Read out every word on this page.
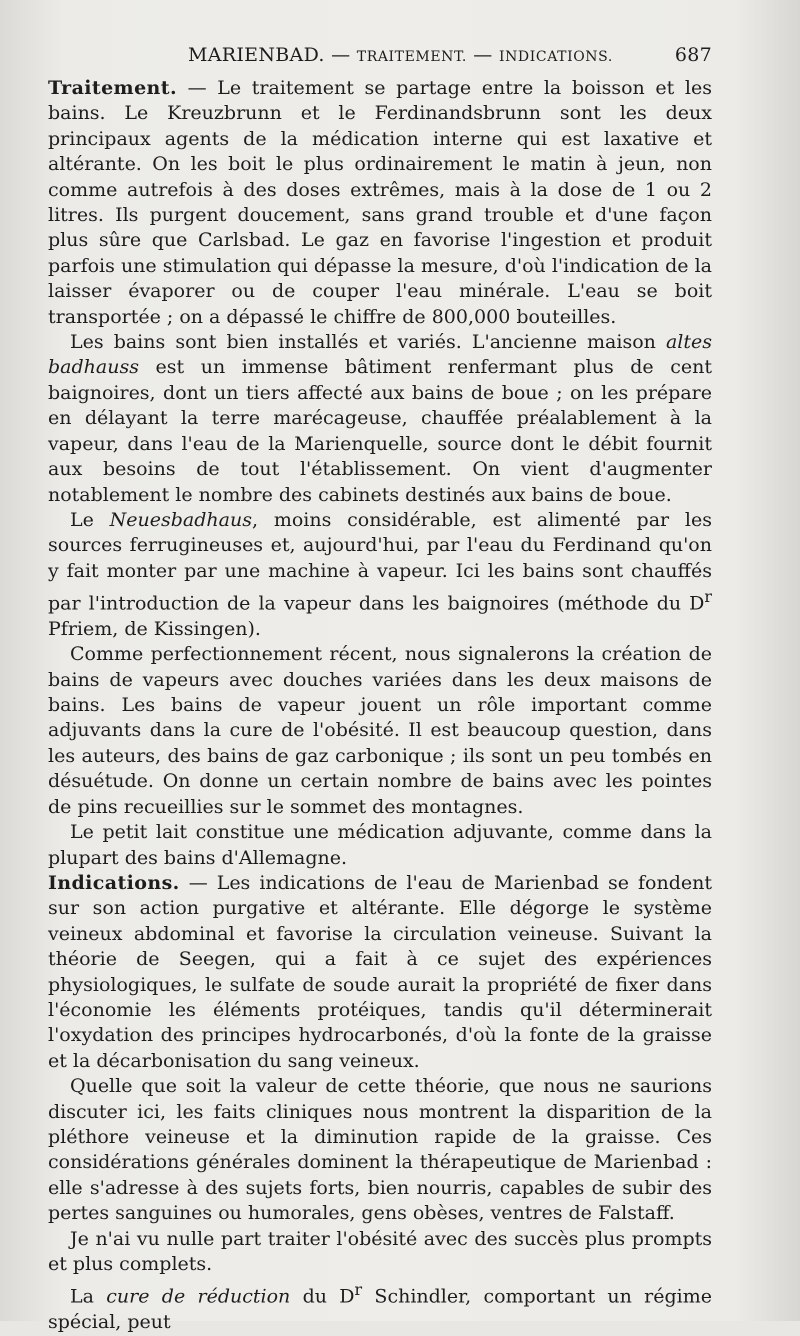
MARIENBAD. — TRAITEMENT. — INDICATIONS.	687

Traitement. — Le traitement se partage entre la boisson et les bains. Le Kreuzbrunn et le Ferdinandsbrunn sont les deux principaux agents de la médication interne qui est laxative et altérante. On les boit le plus ordinairement le matin à jeun, non comme autrefois à des doses extrêmes, mais à la dose de 1 ou 2 litres. Ils purgent doucement, sans grand trouble et d'une façon plus sûre que Carlsbad. Le gaz en favorise l'ingestion et produit parfois une stimulation qui dépasse la mesure, d'où l'indication de la laisser évaporer ou de couper l'eau minérale. L'eau se boit transportée ; on a dépassé le chiffre de 800,000 bouteilles.

Les bains sont bien installés et variés. L'ancienne maison altes badhauss est un immense bâtiment renfermant plus de cent baignoires, dont un tiers affecté aux bains de boue ; on les prépare en délayant la terre marécageuse, chauffée préalablement à la vapeur, dans l'eau de la Marienquelle, source dont le débit fournit aux besoins de tout l'établissement. On vient d'augmenter notablement le nombre des cabinets destinés aux bains de boue.

Le Neuesbadhaus, moins considérable, est alimenté par les sources ferrugineuses et, aujourd'hui, par l'eau du Ferdinand qu'on y fait monter par une machine à vapeur. Ici les bains sont chauffés par l'introduction de la vapeur dans les baignoires (méthode du $D^r$ Pfriem, de Kissingen).

Comme perfectionnement récent, nous signalerons la création de bains de vapeurs avec douches variées dans les deux maisons de bains. Les bains de vapeur jouent un rôle important comme adjuvants dans la cure de l'obésité. Il est beaucoup question, dans les auteurs, des bains de gaz carbonique ; ils sont un peu tombés en désuétude. On donne un certain nombre de bains avec les pointes de pins recueillies sur le sommet des montagnes.

Le petit lait constitue une médication adjuvante, comme dans la plupart des bains d'Allemagne.

Indications. — Les indications de l'eau de Marienbad se fondent sur son action purgative et altérante. Elle dégorge le système veineux abdominal et favorise la circulation veineuse. Suivant la théorie de Seegen, qui a fait à ce sujet des expériences physiologiques, le sulfate de soude aurait la propriété de fixer dans l'économie les éléments protéiques, tandis qu'il déterminerait l'oxydation des principes hydrocarbonés, d'où la fonte de la graisse et la décarbonisation du sang veineux.

Quelle que soit la valeur de cette théorie, que nous ne saurions discuter ici, les faits cliniques nous montrent la disparition de la pléthore veineuse et la diminution rapide de la graisse. Ces considérations générales dominent la thérapeutique de Marienbad : elle s'adresse à des sujets forts, bien nourris, capables de subir des pertes sanguines ou humorales, gens obèses, ventres de Falstaff.

Je n'ai vu nulle part traiter l'obésité avec des succès plus prompts et plus complets.

La cure de réduction du $D^r$ Schindler, comportant un régime spécial, peut
